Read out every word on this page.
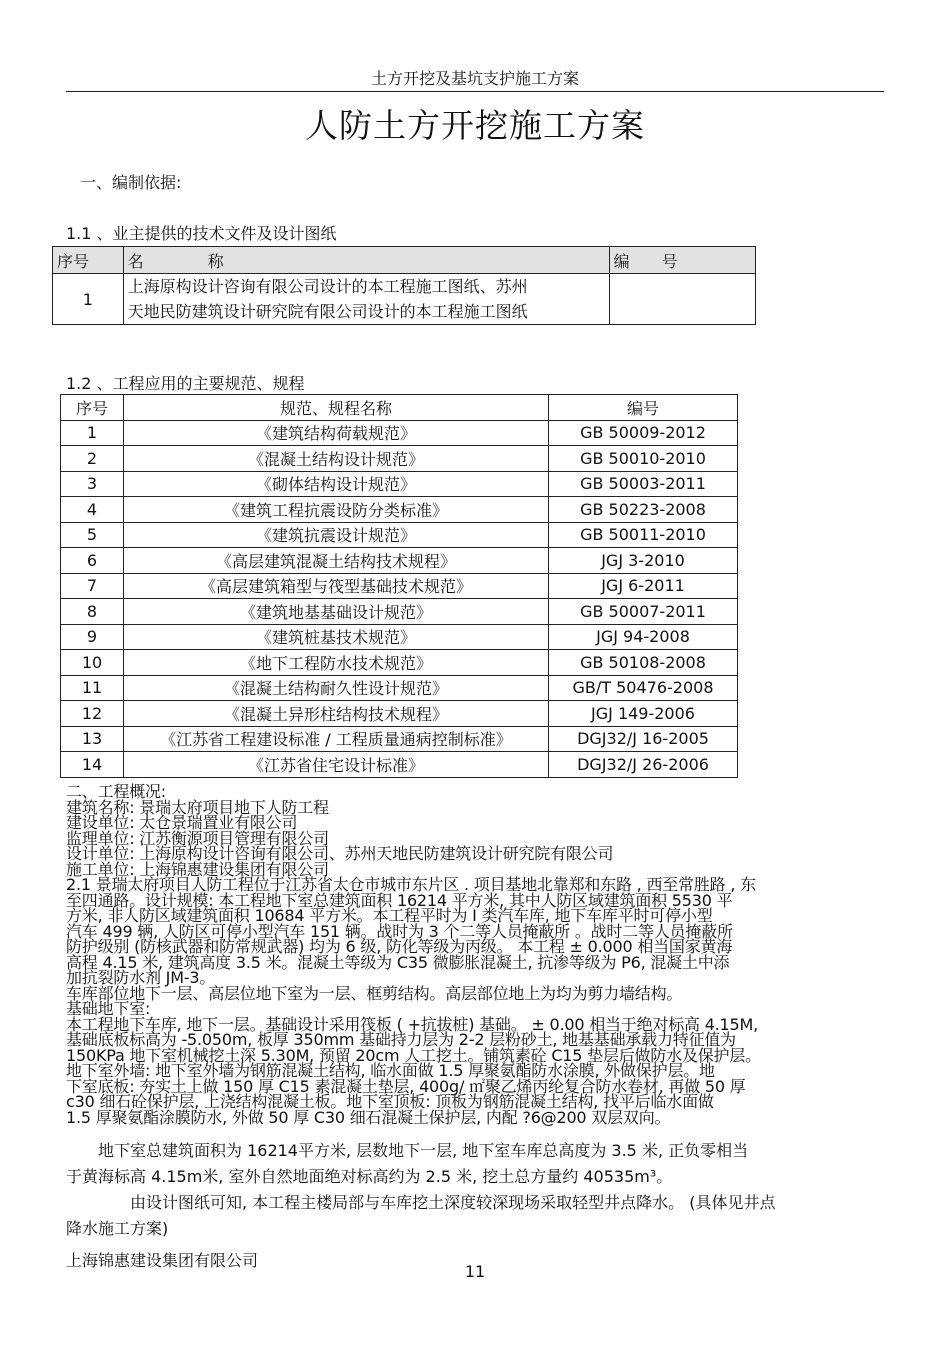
土方开挖及基坑支护施工方案
人防土方开挖施工方案
一、编制依据:
1.1 、业主提供的技术文件及设计图纸
序号	名　　　　称	编　　号
1	上海原构设计咨询有限公司设计的本工程施工图纸、苏州
天地民防建筑设计研究院有限公司设计的本工程施工图纸	

1.2 、工程应用的主要规范、规程
序号	规范、规程名称	编号
1	《建筑结构荷载规范》	GB 50009-2012
2	《混凝土结构设计规范》	GB 50010-2010
3	《砌体结构设计规范》	GB 50003-2011
4	《建筑工程抗震设防分类标准》	GB 50223-2008
5	《建筑抗震设计规范》	GB 50011-2010
6	《高层建筑混凝土结构技术规程》	JGJ 3-2010
7	《高层建筑箱型与筏型基础技术规范》	JGJ 6-2011
8	《建筑地基基础设计规范》	GB 50007-2011
9	《建筑桩基技术规范》	JGJ 94-2008
10	《地下工程防水技术规范》	GB 50108-2008
11	《混凝土结构耐久性设计规范》	GB/T 50476-2008
12	《混凝土异形柱结构技术规程》	JGJ 149-2006
13	《江苏省工程建设标准 / 工程质量通病控制标准》	DGJ32/J 16-2005
14	《江苏省住宅设计标准》	DGJ32/J 26-2006
二、工程概况:
建筑名称: 景瑞太府项目地下人防工程
建设单位: 太仓景瑞置业有限公司
监理单位: 江苏衡源项目管理有限公司
设计单位: 上海原构设计咨询有限公司、苏州天地民防建筑设计研究院有限公司
施工单位: 上海锦惠建设集团有限公司
2.1 景瑞太府项目人防工程位于江苏省太仓市城市东片区 . 项目基地北靠郑和东路 , 西至常胜路 , 东
至四通路。设计规模: 本工程地下室总建筑面积 16214 平方米, 其中人防区域建筑面积 5530 平
方米, 非人防区域建筑面积 10684 平方米。本工程平时为 I 类汽车库, 地下车库平时可停小型
汽车 499 辆, 人防区可停小型汽车 151 辆。战时为 3 个二等人员掩蔽所 。战时二等人员掩蔽所
防护级别 (防核武器和防常规武器) 均为 6 级, 防化等级为丙级。 本工程 ± 0.000 相当国家黄海
高程 4.15 米, 建筑高度 3.5 米。混凝土等级为 C35 微膨胀混凝土, 抗渗等级为 P6, 混凝土中添
加抗裂防水剂 JM-3。
车库部位地下一层、高层位地下室为一层、框剪结构。高层部位地上为均为剪力墙结构。
基础地下室:
本工程地下车库, 地下一层。基础设计采用筏板 ( +抗拔桩) 基础。 ± 0.00 相当于绝对标高 4.15M,
基础底板标高为 -5.050m, 板厚 350mm 基础持力层为 2-2 层粉砂土, 地基基础承载力特征值为
150KPa 地下室机械挖土深 5.30M, 预留 20cm 人工挖土。铺筑素砼 C15 垫层后做防水及保护层。
地下室外墙: 地下室外墙为钢筋混凝土结构, 临水面做 1.5 厚聚氨酯防水涂膜, 外做保护层。地
下室底板: 夯实土上做 150 厚 C15 素混凝土垫层, 400g/ ㎡聚乙烯丙纶复合防水卷材, 再做 50 厚
c30 细石砼保护层, 上浇结构混凝土板。地下室顶板: 顶板为钢筋混凝土结构, 找平后临水面做
1.5 厚聚氨酯涂膜防水, 外做 50 厚 C30 细石混凝土保护层, 内配 ?6@200 双层双向。
　　地下室总建筑面积为 16214平方米, 层数地下一层, 地下室车库总高度为 3.5 米, 正负零相当
于黄海标高 4.15m米, 室外自然地面绝对标高约为 2.5 米, 挖土总方量约 40535m³。
　　　　由设计图纸可知, 本工程主楼局部与车库挖土深度较深现场采取轻型井点降水。 (具体见井点
降水施工方案)
上海锦惠建设集团有限公司
11
